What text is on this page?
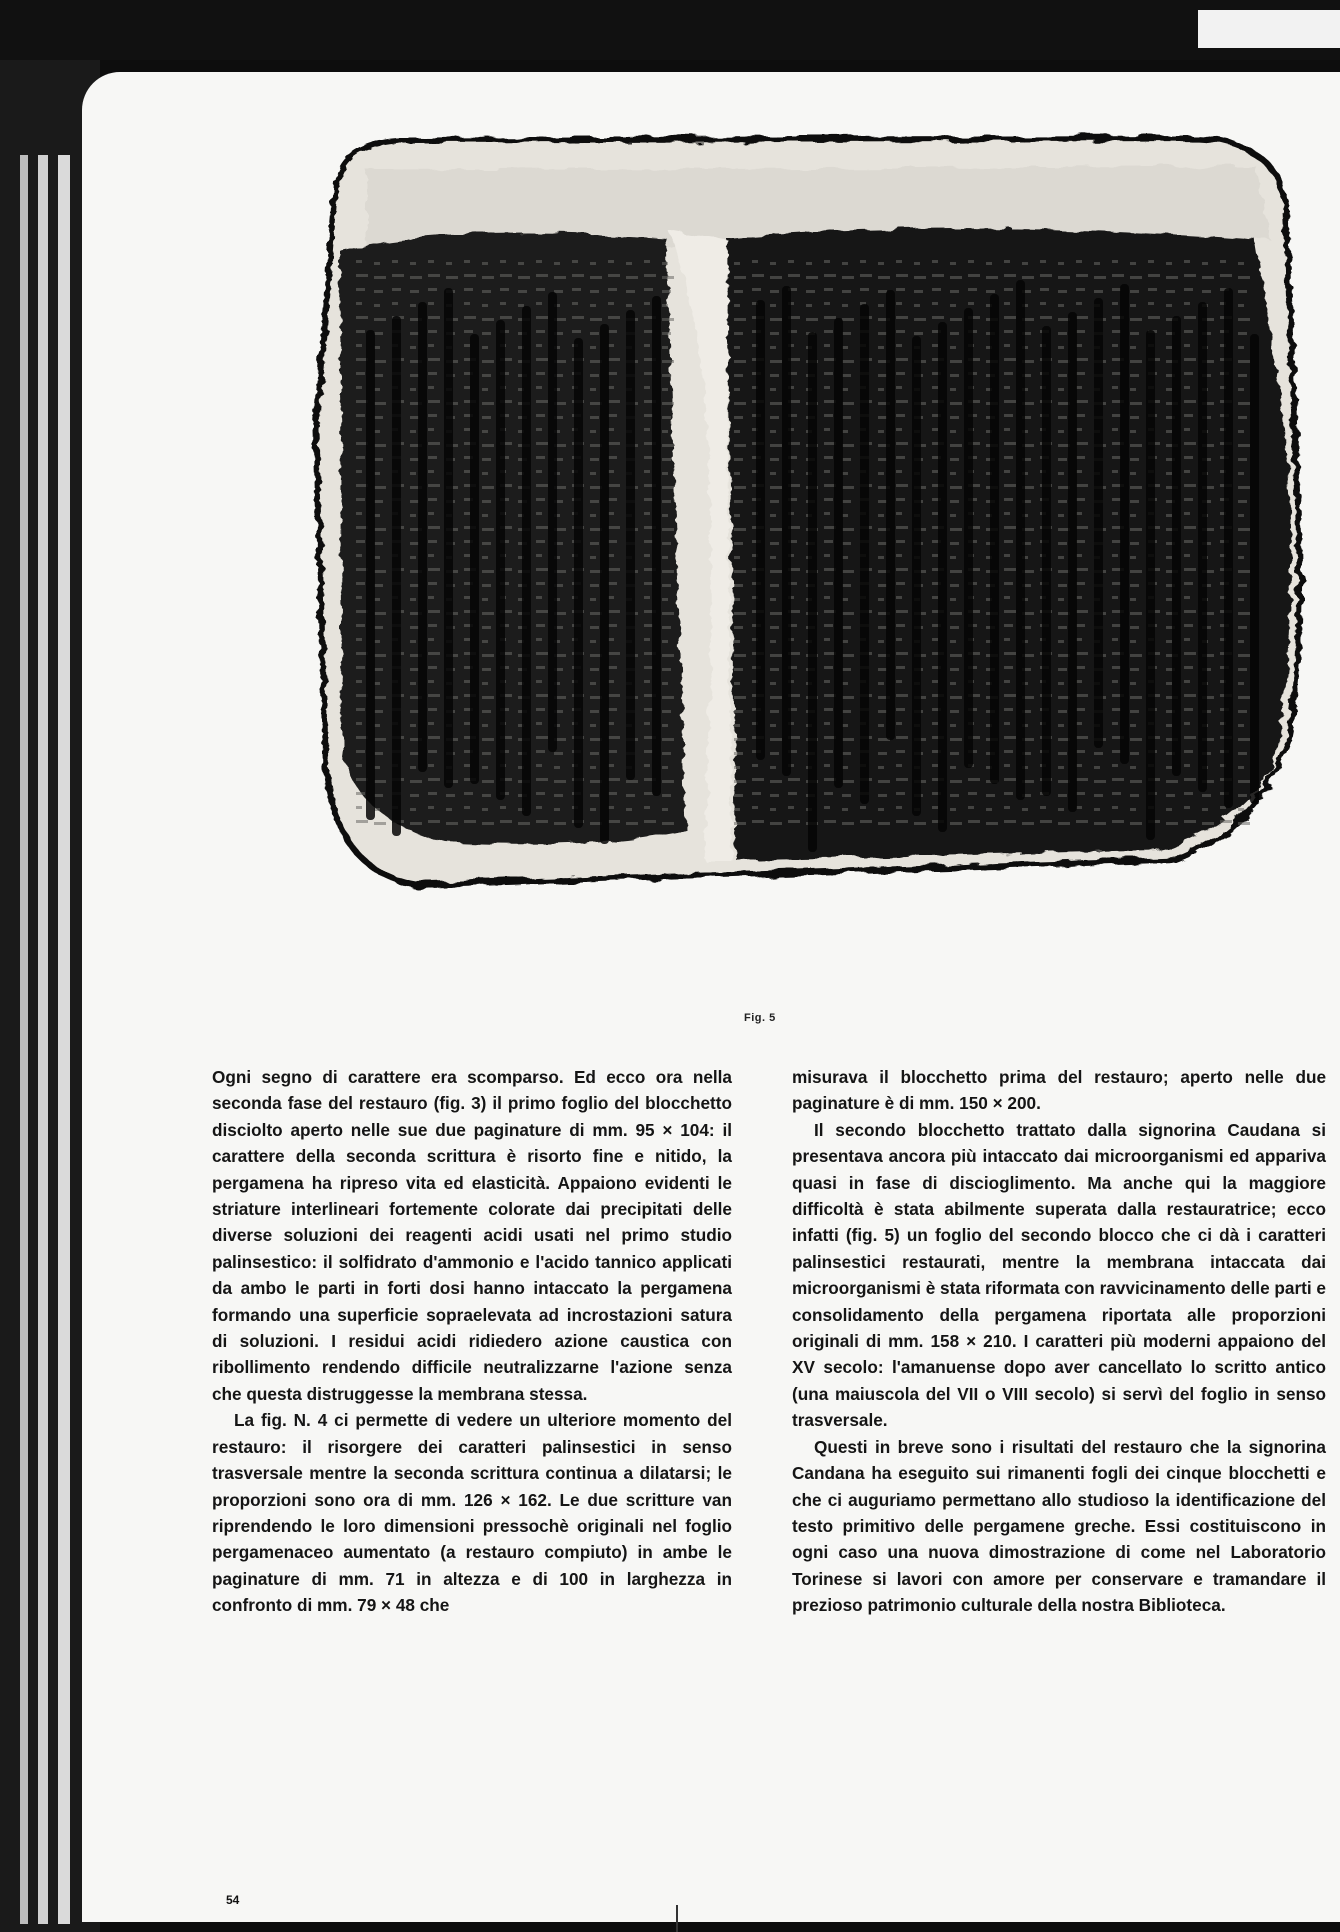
Fig. 5

Ogni segno di carattere era scomparso. Ed ecco ora nella seconda fase del restauro (fig. 3) il primo foglio del blocchetto disciolto aperto nelle sue due paginature di mm. 95 × 104: il carattere della seconda scrittura è risorto fine e nitido, la pergamena ha ripreso vita ed elasticità. Appaiono evidenti le striature interlineari fortemente colorate dai precipitati delle diverse soluzioni dei reagenti acidi usati nel primo studio palinsestico: il solfidrato d'ammonio e l'acido tannico applicati da ambo le parti in forti dosi hanno intaccato la pergamena formando una superficie sopraelevata ad incrostazioni satura di soluzioni. I residui acidi ridiedero azione caustica con ribollimento rendendo difficile neutralizzarne l'azione senza che questa distruggesse la membrana stessa.

La fig. N. 4 ci permette di vedere un ulteriore momento del restauro: il risorgere dei caratteri palinsestici in senso trasversale mentre la seconda scrittura continua a dilatarsi; le proporzioni sono ora di mm. 126 × 162. Le due scritture van riprendendo le loro dimensioni pressochè originali nel foglio pergamenaceo aumentato (a restauro compiuto) in ambe le paginature di mm. 71 in altezza e di 100 in larghezza in confronto di mm. 79 × 48 che

misurava il blocchetto prima del restauro; aperto nelle due paginature è di mm. 150 × 200.

Il secondo blocchetto trattato dalla signorina Caudana si presentava ancora più intaccato dai microorganismi ed appariva quasi in fase di discioglimento. Ma anche qui la maggiore difficoltà è stata abilmente superata dalla restauratrice; ecco infatti (fig. 5) un foglio del secondo blocco che ci dà i caratteri palinsestici restaurati, mentre la membrana intaccata dai microorganismi è stata riformata con ravvicinamento delle parti e consolidamento della pergamena riportata alle proporzioni originali di mm. 158 × 210. I caratteri più moderni appaiono del XV secolo: l'amanuense dopo aver cancellato lo scritto antico (una maiuscola del VII o VIII secolo) si servì del foglio in senso trasversale.

Questi in breve sono i risultati del restauro che la signorina Candana ha eseguito sui rimanenti fogli dei cinque blocchetti e che ci auguriamo permettano allo studioso la identificazione del testo primitivo delle pergamene greche. Essi costituiscono in ogni caso una nuova dimostrazione di come nel Laboratorio Torinese si lavori con amore per conservare e tramandare il prezioso patrimonio culturale della nostra Biblioteca.

54
